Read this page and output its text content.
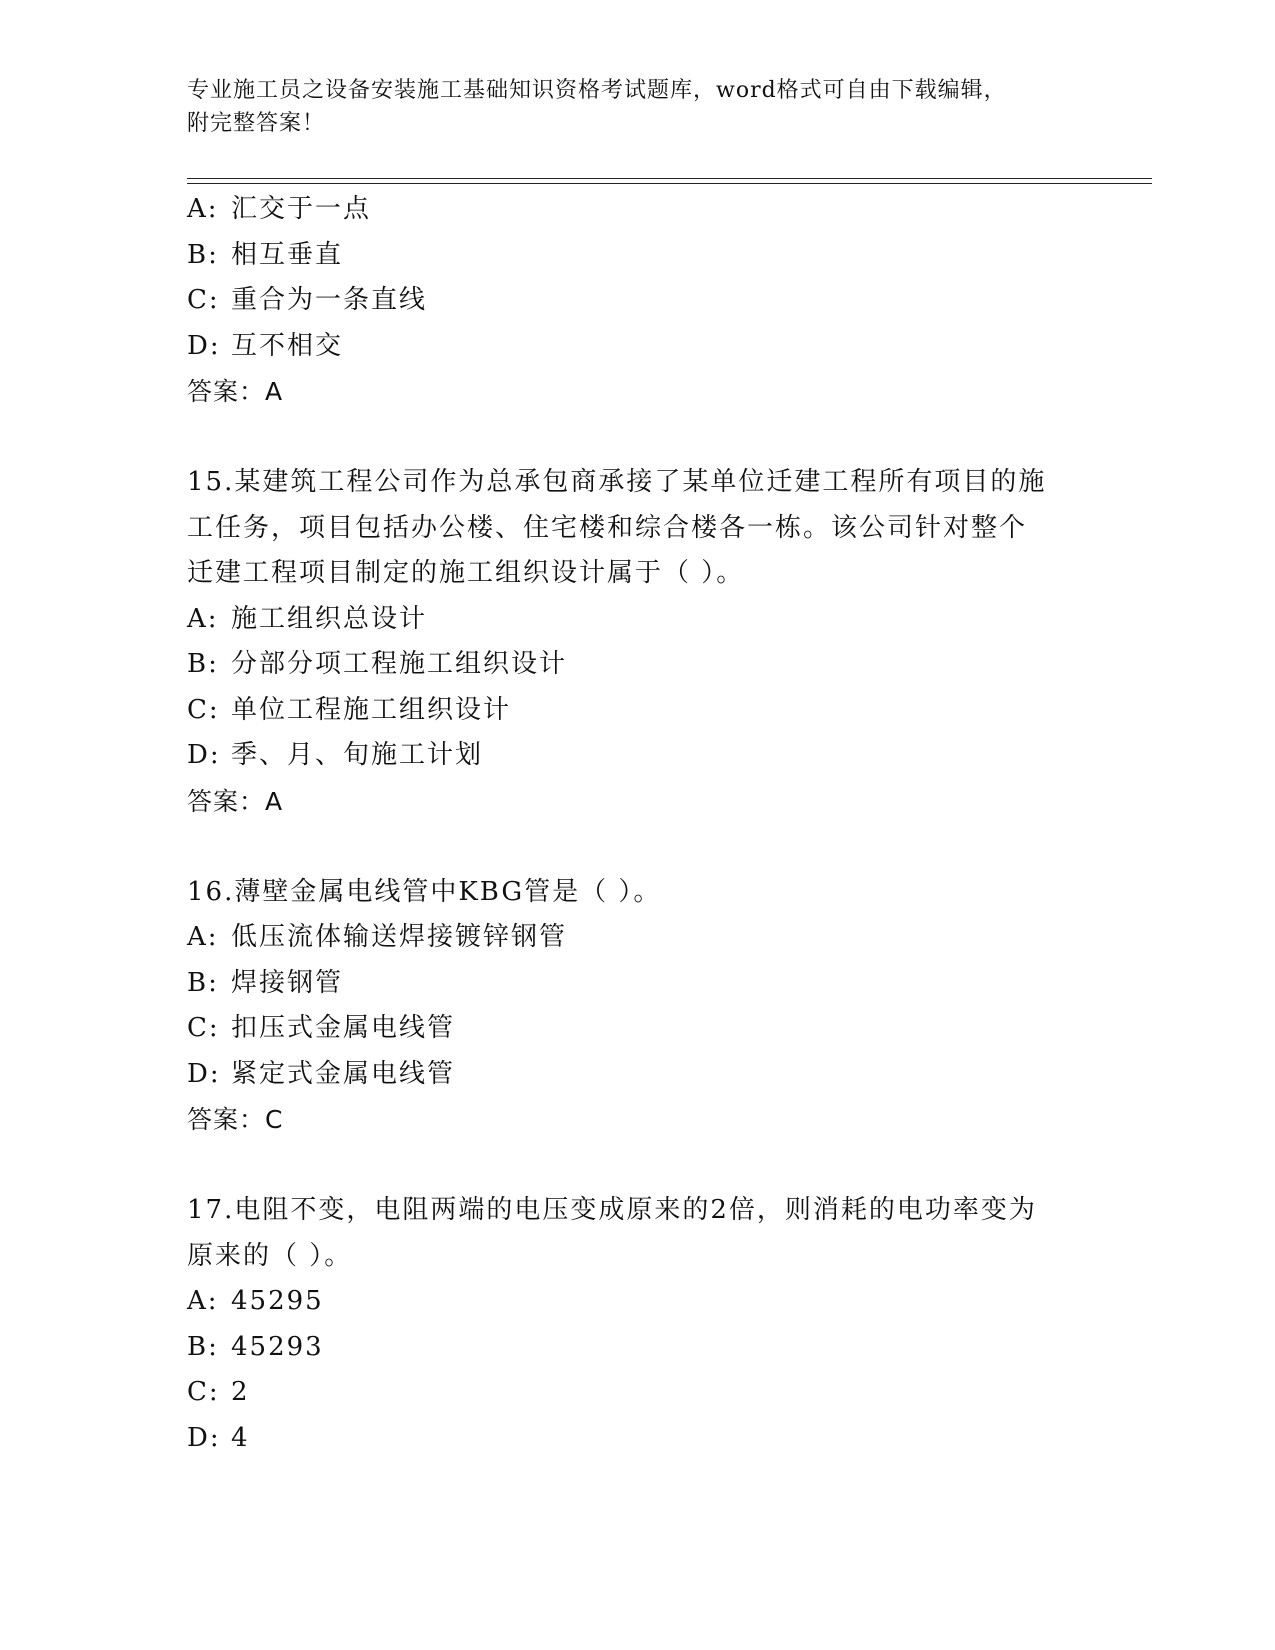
专业施工员之设备安装施工基础知识资格考试题库，word格式可自由下载编辑，
附完整答案！
A: 汇交于一点
B: 相互垂直
C: 重合为一条直线
D: 互不相交
答案：A
15.某建筑工程公司作为总承包商承接了某单位迁建工程所有项目的施
工任务，项目包括办公楼、住宅楼和综合楼各一栋。该公司针对整个
迁建工程项目制定的施工组织设计属于（ ）。
A: 施工组织总设计
B: 分部分项工程施工组织设计
C: 单位工程施工组织设计
D: 季、月、旬施工计划
答案：A
16.薄壁金属电线管中KBG管是（ ）。
A: 低压流体输送焊接镀锌钢管
B: 焊接钢管
C: 扣压式金属电线管
D: 紧定式金属电线管
答案：C
17.电阻不变，电阻两端的电压变成原来的2倍，则消耗的电功率变为
原来的（ ）。
A: 45295
B: 45293
C: 2
D: 4
